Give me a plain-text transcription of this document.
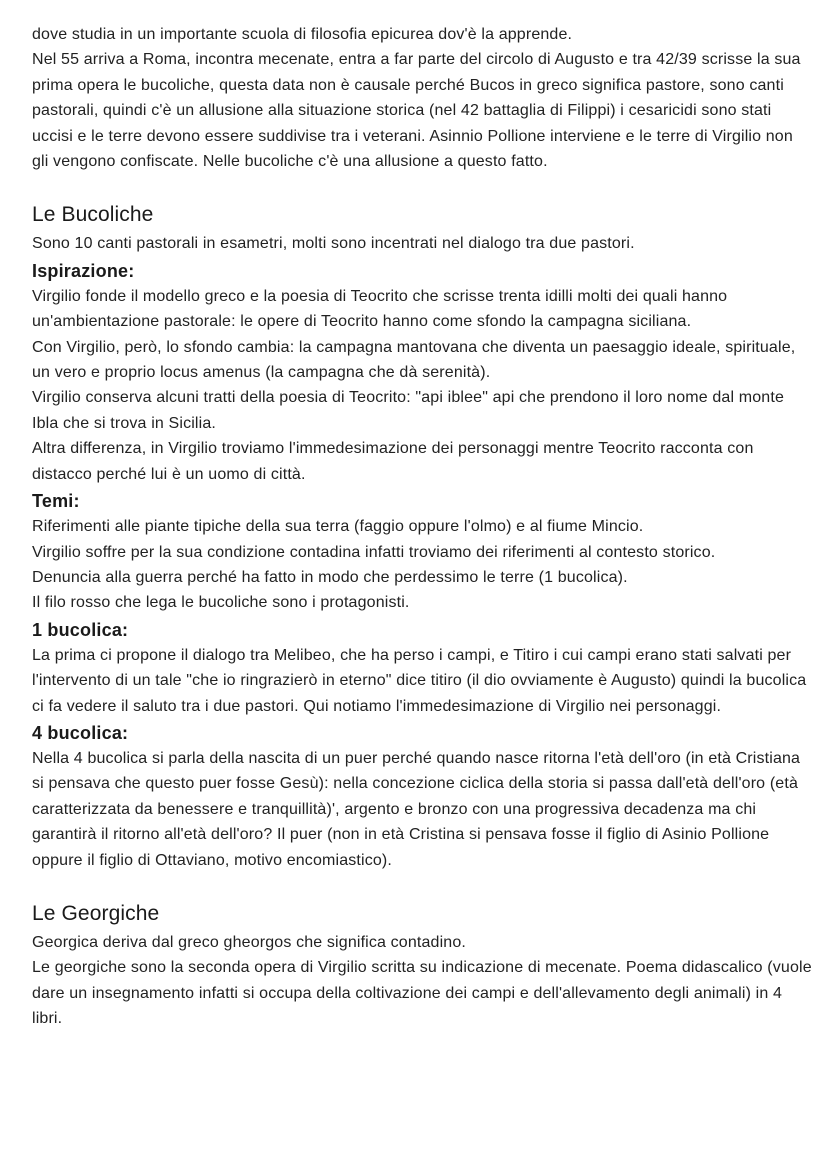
dove studia in un importante scuola di filosofia epicurea dov'è la apprende.

Nel 55 arriva a Roma, incontra mecenate, entra a far parte del circolo di Augusto e tra 42/39 scrisse la sua prima opera le bucoliche, questa data non è causale perché Bucos in greco significa pastore, sono canti pastorali, quindi c'è un allusione alla situazione storica (nel 42 battaglia di Filippi) i cesaricidi sono stati uccisi e le terre devono essere suddivise tra i veterani. Asinnio Pollione interviene e le terre di Virgilio non gli vengono confiscate. Nelle bucoliche c'è una allusione a questo fatto.

Le Bucoliche

Sono 10 canti pastorali in esametri, molti sono incentrati nel dialogo tra due pastori.

Ispirazione:

Virgilio fonde il modello greco e la poesia di Teocrito che scrisse trenta idilli molti dei quali hanno un'ambientazione pastorale: le opere di Teocrito hanno come sfondo la campagna siciliana.

Con Virgilio, però, lo sfondo cambia: la campagna mantovana che diventa un paesaggio ideale, spirituale, un vero e proprio locus amenus (la campagna che dà serenità).

Virgilio conserva alcuni tratti della poesia di Teocrito: "api iblee" api che prendono il loro nome dal monte Ibla che si trova in Sicilia.

Altra differenza, in Virgilio troviamo l'immedesimazione dei personaggi mentre Teocrito racconta con distacco perché lui è un uomo di città.

Temi:

Riferimenti alle piante tipiche della sua terra (faggio oppure l'olmo) e al fiume Mincio.

Virgilio soffre per la sua condizione contadina infatti troviamo dei riferimenti al contesto storico.

Denuncia alla guerra perché ha fatto in modo che perdessimo le terre (1 bucolica).

Il filo rosso che lega le bucoliche sono i protagonisti.

1 bucolica:

La prima ci propone il dialogo tra Melibeo, che ha perso i campi, e Titiro i cui campi erano stati salvati per l'intervento di un tale "che io ringrazierò in eterno" dice titiro (il dio ovviamente è Augusto) quindi la bucolica ci fa vedere il saluto tra i due pastori. Qui notiamo l'immedesimazione di Virgilio nei personaggi.

4 bucolica:

Nella 4 bucolica si parla della nascita di un puer perché quando nasce ritorna l'età dell'oro (in età Cristiana si pensava che questo puer fosse Gesù): nella concezione ciclica della storia si passa dall'età dell'oro (età caratterizzata da benessere e tranquillità)', argento e bronzo con una progressiva decadenza ma chi garantirà il ritorno all'età dell'oro? Il puer (non in età Cristina si pensava fosse il figlio di Asinio Pollione oppure il figlio di Ottaviano, motivo encomiastico).

Le Georgiche

Georgica deriva dal greco gheorgos che significa contadino.

Le georgiche sono la seconda opera di Virgilio scritta su indicazione di mecenate. Poema didascalico (vuole dare un insegnamento infatti si occupa della coltivazione dei campi e dell'allevamento degli animali) in 4 libri.
